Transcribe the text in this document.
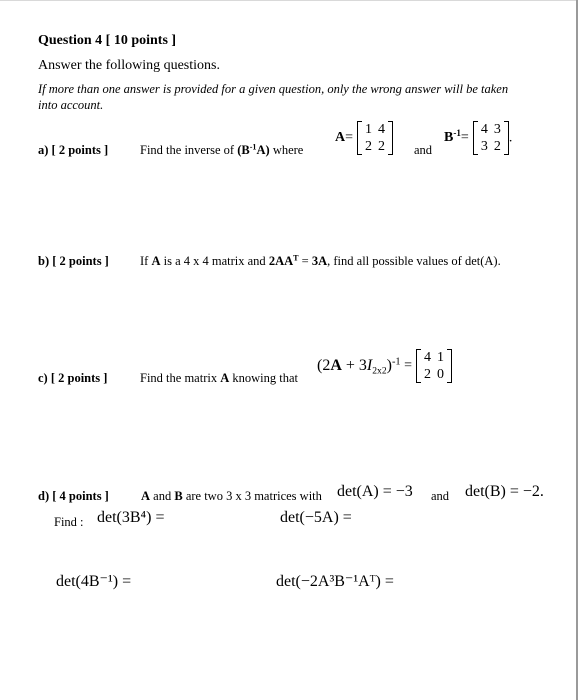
Question 4 [ 10 points ]
Answer the following questions.
If more than one answer is provided for a given question, only the wrong answer will be taken
into account.
a) [ 2 points ]	Find the inverse of $(B^{-1}A)$ where
A=
1	4
2	2 and
$B^{-1}=$
4	3
3	2
.
b) [ 2 points ] If A is a 4 x 4 matrix and $2AA^T = 3A$, find all possible values of det(A).
c) [ 2 points ]	Find the matrix A knowing that
$(2A + 3I_{2x2})^{-1}$ =
4	1
2	0
d) [ 4 points ]	A and B are two 3 x 3 matrices with det(A) = −3 and det(B) = −2.
Find : det(3B⁴) =	det(−5A) =
det(4B⁻¹) =	det(−2A³B⁻¹Aᵀ) =
